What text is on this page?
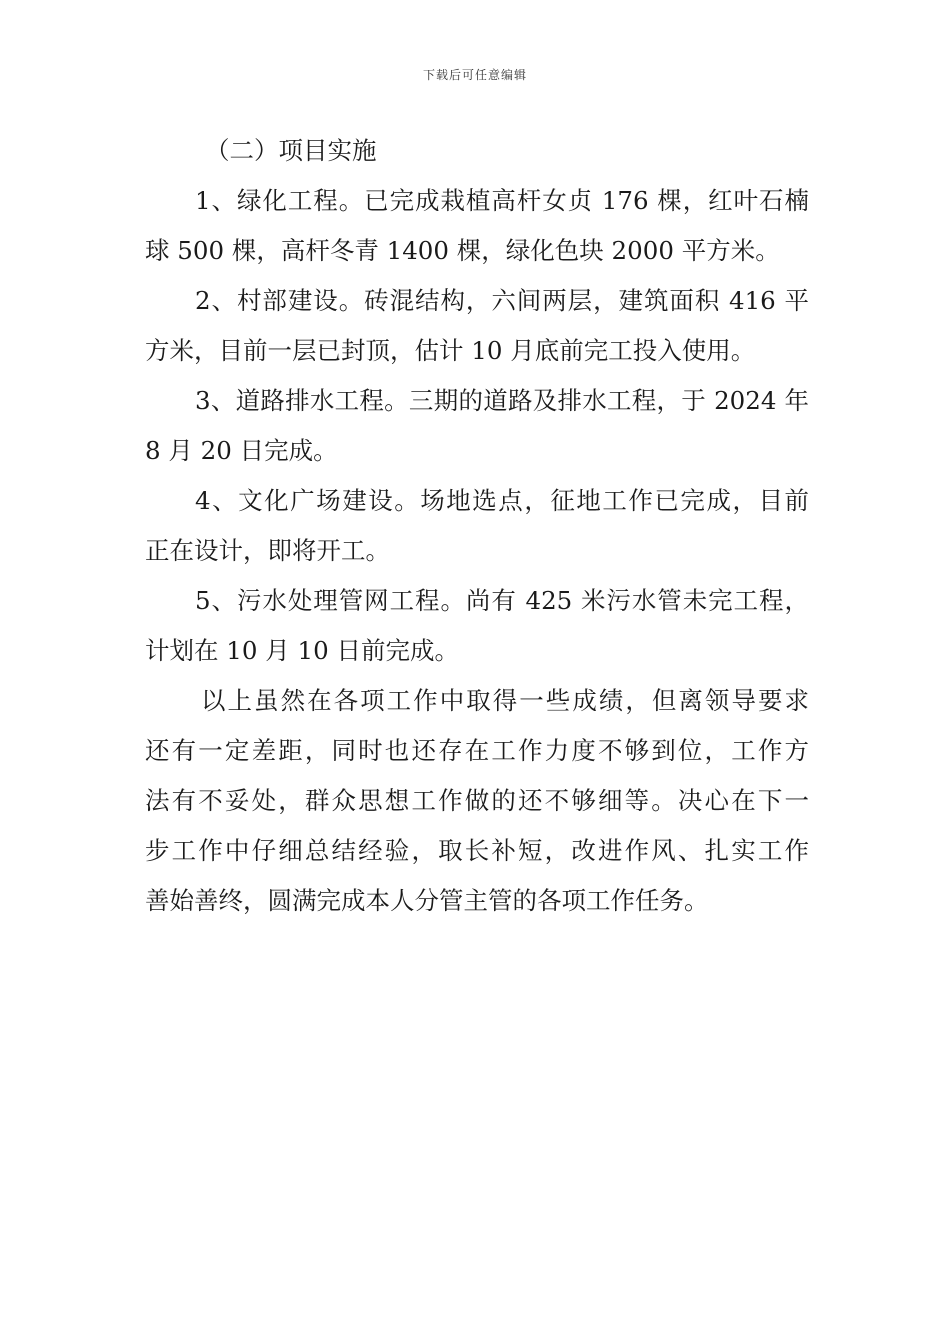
下载后可任意编辑
（二）项目实施
1、绿化工程。已完成栽植高杆女贞 176 棵，红叶石楠
球 500 棵，高杆冬青 1400 棵，绿化色块 2000 平方米。
2、村部建设。砖混结构，六间两层，建筑面积 416 平
方米，目前一层已封顶，估计 10 月底前完工投入使用。
3、道路排水工程。三期的道路及排水工程，于 2024 年
8 月 20 日完成。
4、文化广场建设。场地选点，征地工作已完成，目前
正在设计，即将开工。
5、污水处理管网工程。尚有 425 米污水管未完工程，
计划在 10 月 10 日前完成。
以上虽然在各项工作中取得一些成绩，但离领导要求
还有一定差距，同时也还存在工作力度不够到位，工作方
法有不妥处，群众思想工作做的还不够细等。决心在下一
步工作中仔细总结经验，取长补短，改进作风、扎实工作
善始善终，圆满完成本人分管主管的各项工作任务。
